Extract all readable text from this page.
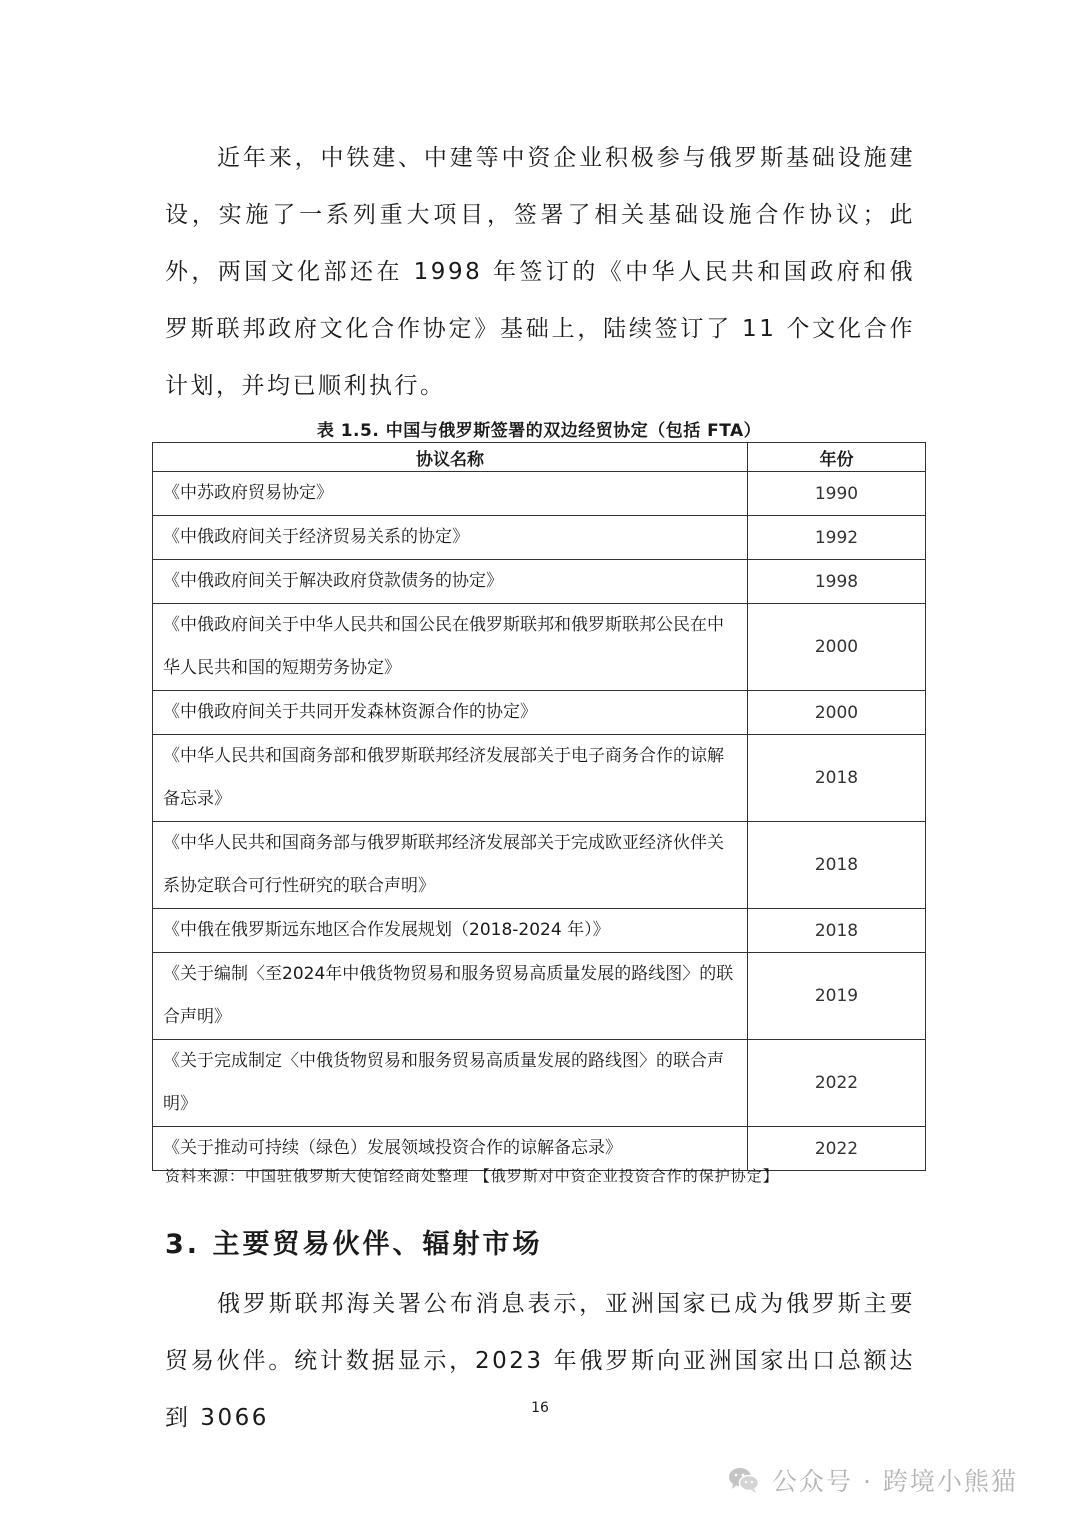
近年来，中铁建、中建等中资企业积极参与俄罗斯基础设施建设，实施了一系列重大项目，签署了相关基础设施合作协议；此外，两国文化部还在 1998 年签订的《中华人民共和国政府和俄罗斯联邦政府文化合作协定》基础上，陆续签订了 11 个文化合作计划，并均已顺利执行。

表 1.5. 中国与俄罗斯签署的双边经贸协定（包括 FTA）
协议名称	年份
《中苏政府贸易协定》	1990
《中俄政府间关于经济贸易关系的协定》	1992
《中俄政府间关于解决政府贷款债务的协定》	1998
《中俄政府间关于中华人民共和国公民在俄罗斯联邦和俄罗斯联邦公民在中华人民共和国的短期劳务协定》	2000
《中俄政府间关于共同开发森林资源合作的协定》	2000
《中华人民共和国商务部和俄罗斯联邦经济发展部关于电子商务合作的谅解备忘录》	2018
《中华人民共和国商务部与俄罗斯联邦经济发展部关于完成欧亚经济伙伴关系协定联合可行性研究的联合声明》	2018
《中俄在俄罗斯远东地区合作发展规划（2018-2024 年）》	2018
《关于编制〈至2024年中俄货物贸易和服务贸易高质量发展的路线图〉的联合声明》	2019
《关于完成制定〈中俄货物贸易和服务贸易高质量发展的路线图〉的联合声明》	2022
《关于推动可持续（绿色）发展领域投资合作的谅解备忘录》	2022
资料来源：中国驻俄罗斯大使馆经商处整理 【俄罗斯对中资企业投资合作的保护协定】
3. 主要贸易伙伴、辐射市场

俄罗斯联邦海关署公布消息表示，亚洲国家已成为俄罗斯主要贸易伙伴。统计数据显示，2023 年俄罗斯向亚洲国家出口总额达到 3066	16
公众号 · 跨境小熊猫
